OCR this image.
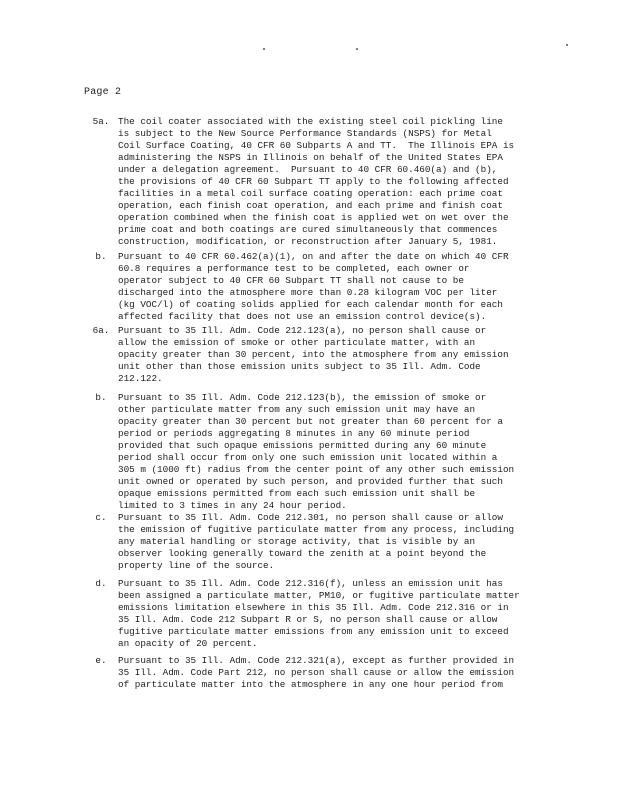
Page 2
5a. The coil coater associated with the existing steel coil pickling line
is subject to the New Source Performance Standards (NSPS) for Metal
Coil Surface Coating, 40 CFR 60 Subparts A and TT.  The Illinois EPA is
administering the NSPS in Illinois on behalf of the United States EPA
under a delegation agreement.  Pursuant to 40 CFR 60.460(a) and (b),
the provisions of 40 CFR 60 Subpart TT apply to the following affected
facilities in a metal coil surface coating operation: each prime coat
operation, each finish coat operation, and each prime and finish coat
operation combined when the finish coat is applied wet on wet over the
prime coat and both coatings are cured simultaneously that commences
construction, modification, or reconstruction after January 5, 1981.
b.	Pursuant to 40 CFR 60.462(a)(1), on and after the date on which 40 CFR
60.8 requires a performance test to be completed, each owner or
operator subject to 40 CFR 60 Subpart TT shall not cause to be
discharged into the atmosphere more than 0.28 kilogram VOC per liter
(kg VOC/l) of coating solids applied for each calendar month for each
affected facility that does not use an emission control device(s).
6a. Pursuant to 35 Ill. Adm. Code 212.123(a), no person shall cause or
allow the emission of smoke or other particulate matter, with an
opacity greater than 30 percent, into the atmosphere from any emission
unit other than those emission units subject to 35 Ill. Adm. Code
212.122.
b.	Pursuant to 35 Ill. Adm. Code 212.123(b), the emission of smoke or
other particulate matter from any such emission unit may have an
opacity greater than 30 percent but not greater than 60 percent for a
period or periods aggregating 8 minutes in any 60 minute period
provided that such opaque emissions permitted during any 60 minute
period shall occur from only one such emission unit located within a
305 m (1000 ft) radius from the center point of any other such emission
unit owned or operated by such person, and provided further that such
opaque emissions permitted from each such emission unit shall be
limited to 3 times in any 24 hour period.
c.	Pursuant to 35 Ill. Adm. Code 212.301, no person shall cause or allow
the emission of fugitive particulate matter from any process, including
any material handling or storage activity, that is visible by an
observer looking generally toward the zenith at a point beyond the
property line of the source.
d.	Pursuant to 35 Ill. Adm. Code 212.316(f), unless an emission unit has
been assigned a particulate matter, PM10, or fugitive particulate matter
emissions limitation elsewhere in this 35 Ill. Adm. Code 212.316 or in
35 Ill. Adm. Code 212 Subpart R or S, no person shall cause or allow
fugitive particulate matter emissions from any emission unit to exceed
an opacity of 20 percent.
e.	Pursuant to 35 Ill. Adm. Code 212.321(a), except as further provided in
35 Ill. Adm. Code Part 212, no person shall cause or allow the emission
of particulate matter into the atmosphere in any one hour period from
